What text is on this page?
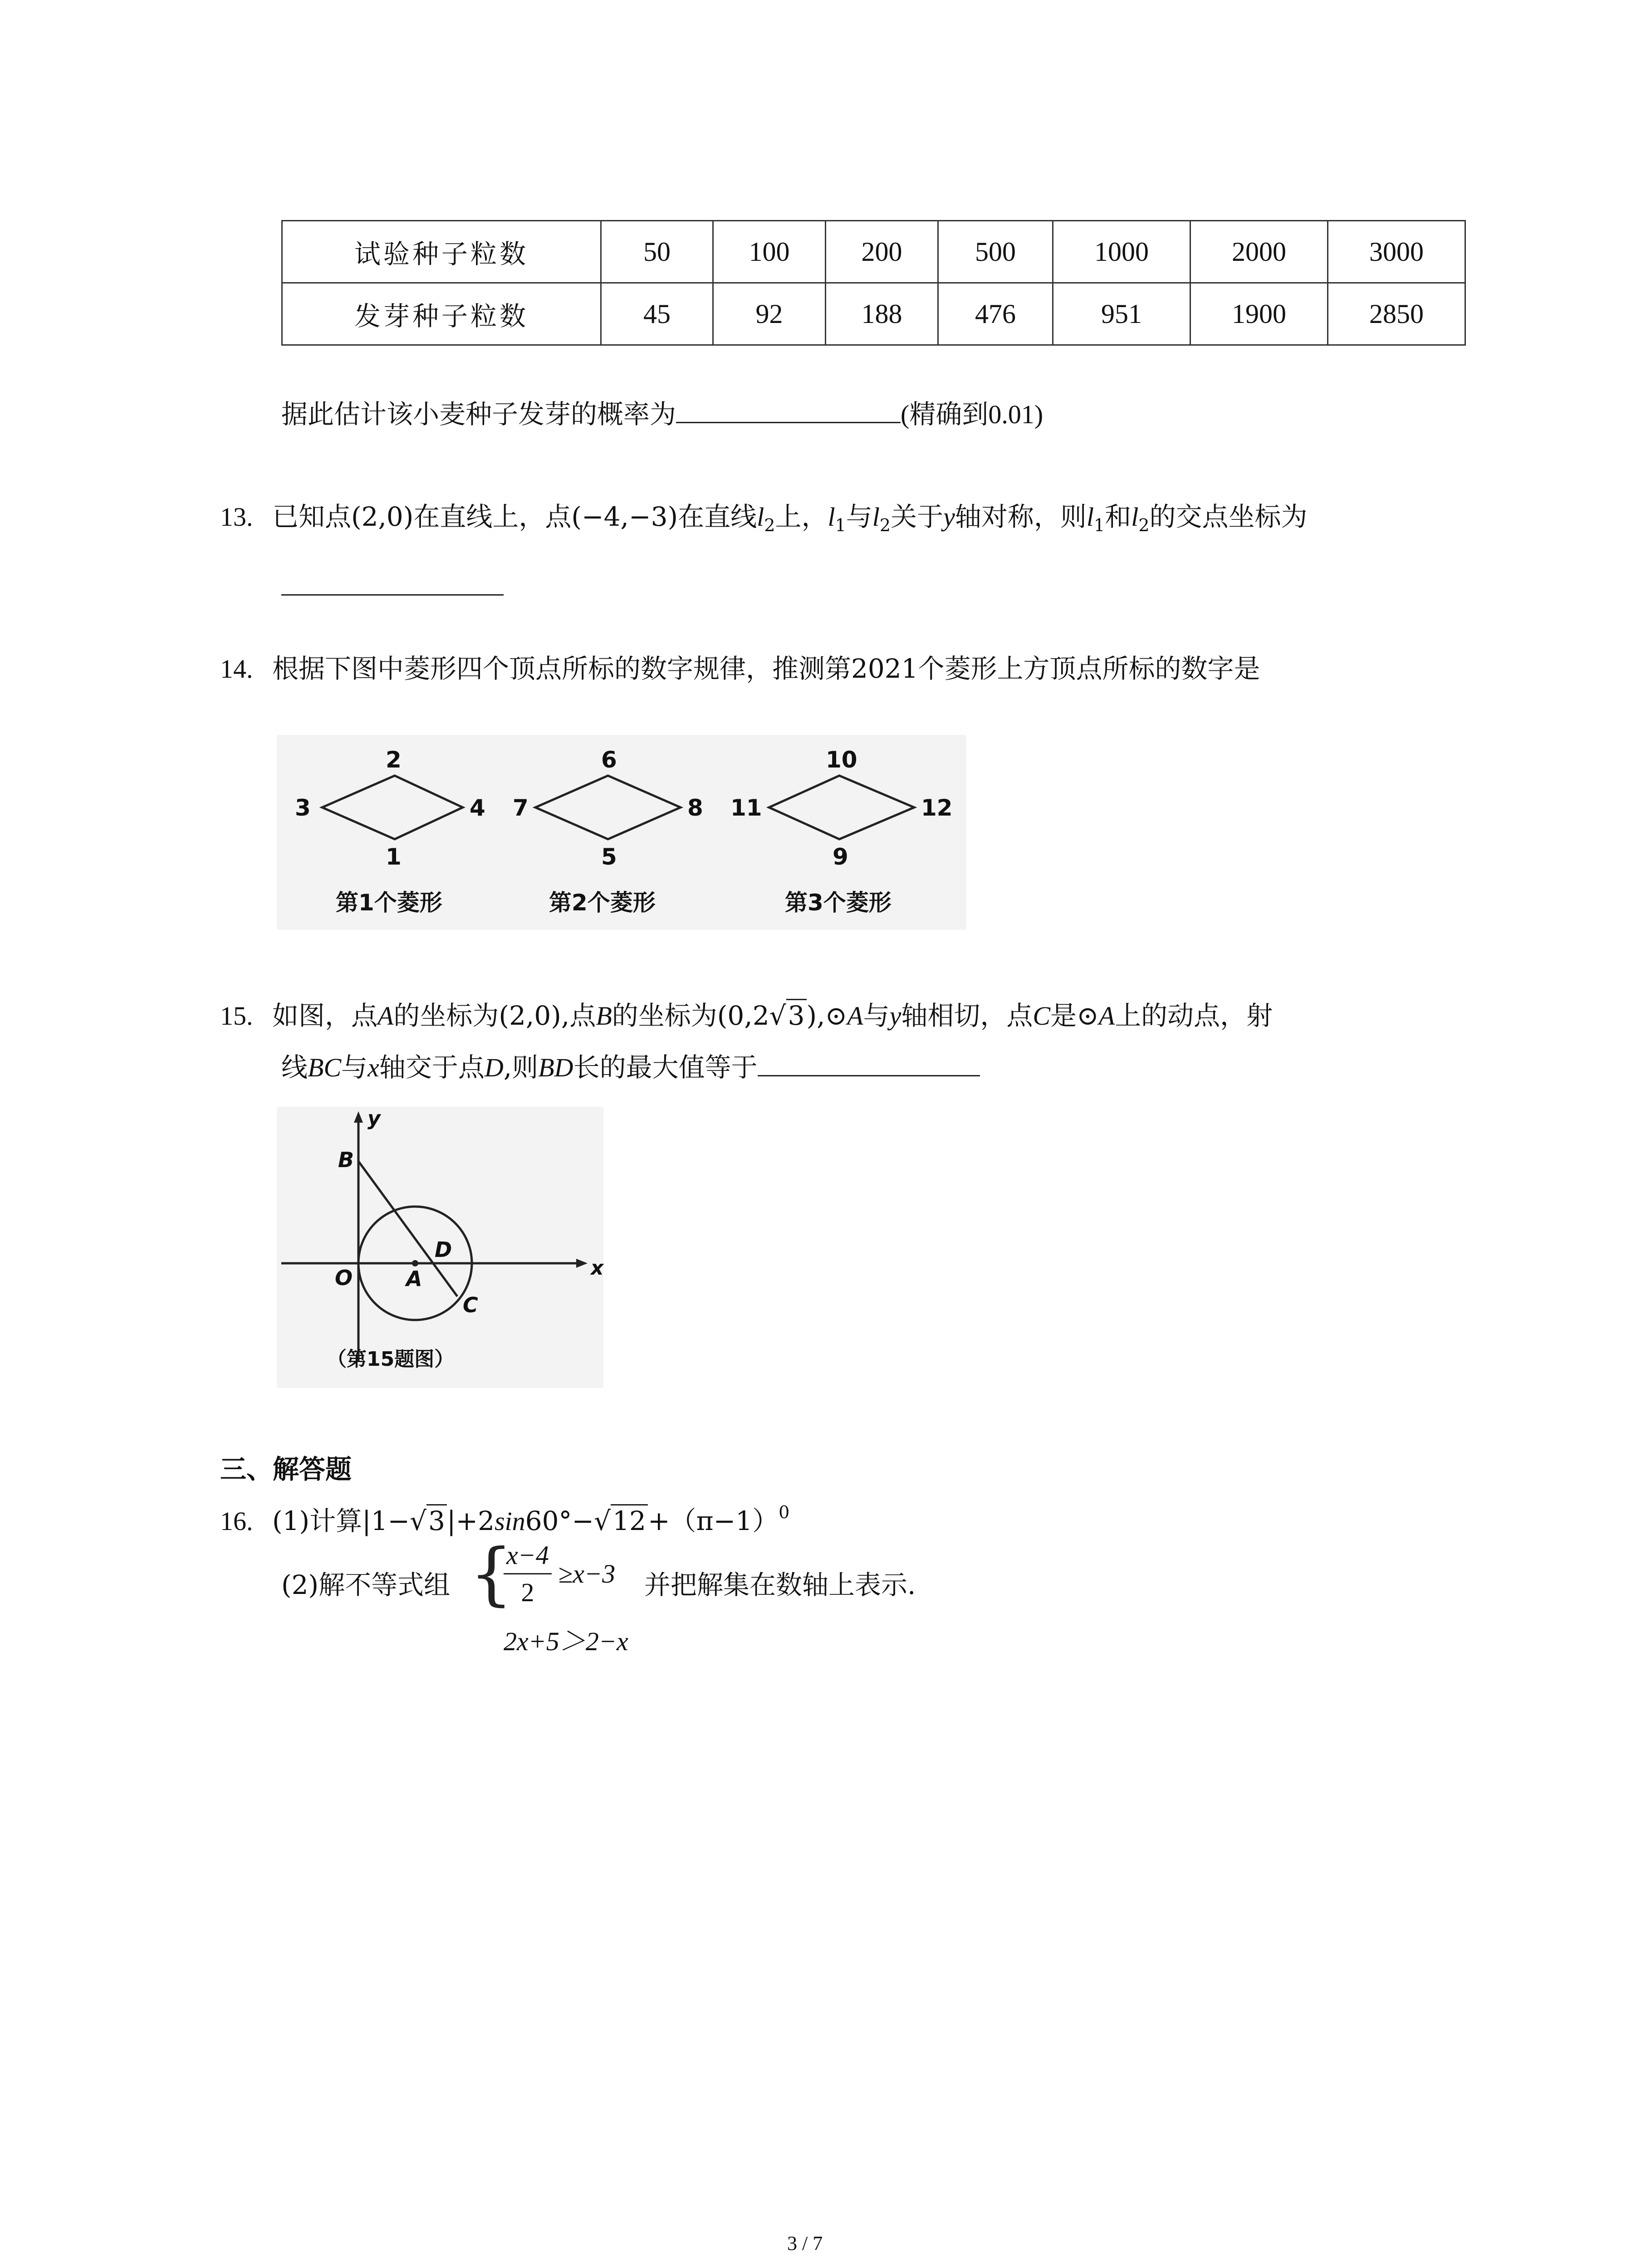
试验种子粒数	50	100	200	500	1000	2000	3000
发芽种子粒数	45	92	188	476	951	1900	2850
据此估计该小麦种子发芽的概率为	(精确到0.01)
13. 已知点(2,0)在直线上，点(−4,−3)在直线$l_2$上，$l_1$与$l_2$关于y轴对称，则$l_1$和$l_2$的交点坐标为
14. 根据下图中菱形四个顶点所标的数字规律，推测第2021个菱形上方顶点所标的数字是
2
3	4
1
第1个菱形
6
7	8
5
第2个菱形
10
11	12
9
第3个菱形
15. 如图，点A的坐标为(2,0),点B的坐标为(0,2√3),⊙A与y轴相切，点C是⊙A上的动点，射
线BC与x轴交于点D,则BD长的最大值等于
y
x
B
O	A
D
C
（第15题图）
三、解答题
16. (1)计算$|1-√3|+2\sin 60^\circ-√12+(\pi-1)^0$
(2)解不等式组 {
$\frac{x-4}{2} \ge x-3$
2x+5＞2−x
并把解集在数轴上表示.
3 / 7
